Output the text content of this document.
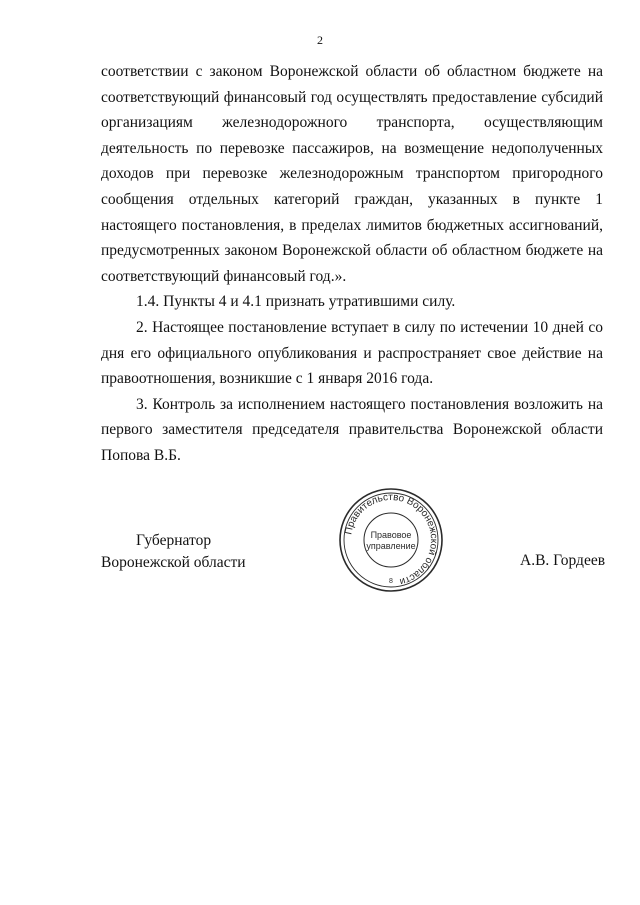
2

соответствии с законом Воронежской области об областном бюджете на соответствующий финансовый год осуществлять предоставление субсидий организациям железнодорожного транспорта, осуществляющим деятельность по перевозке пассажиров, на возмещение недополученных доходов при перевозке железнодорожным транспортом пригородного сообщения отдельных категорий граждан, указанных в пункте 1 настоящего постановления, в пределах лимитов бюджетных ассигнований, предусмотренных законом Воронежской области об областном бюджете на соответствующий финансовый год.».

1.4. Пункты 4 и 4.1 признать утратившими силу.

2. Настоящее постановление вступает в силу по истечении 10 дней со дня его официального опубликования и распространяет свое действие на правоотношения, возникшие с 1 января 2016 года.

3. Контроль за исполнением настоящего постановления возложить на первого заместителя председателя правительства Воронежской области Попова В.Б.

Губернатор
Воронежской области
Правительство Воронежской области
Правовое
управление
8
А.В. Гордеев
